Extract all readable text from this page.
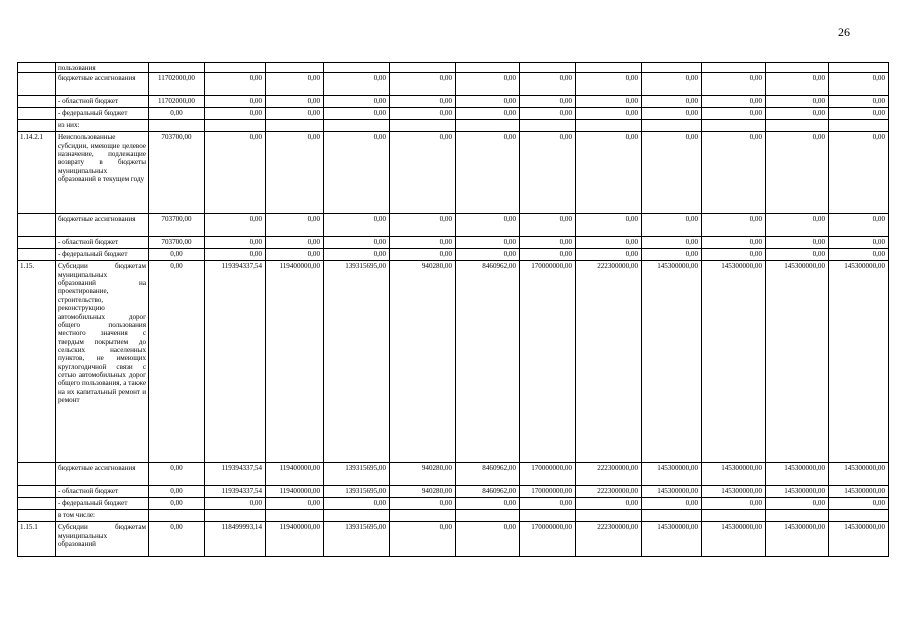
26
	пользования												
	бюджетные ассигнования	11702000,00	0,00	0,00	0,00	0,00	0,00	0,00	0,00	0,00	0,00	0,00	0,00
	- областной бюджет	11702000,00	0,00	0,00	0,00	0,00	0,00	0,00	0,00	0,00	0,00	0,00	0,00
	- федеральный бюджет	0,00	0,00	0,00	0,00	0,00	0,00	0,00	0,00	0,00	0,00	0,00	0,00
	из них:												
1.14.2.1	Неиспользованные субсидии, имеющие целевое назначение, подлежащие возврату в бюджеты муниципальных образований в текущем году	703700,00	0,00	0,00	0,00	0,00	0,00	0,00	0,00	0,00	0,00	0,00	0,00
	бюджетные ассигнования	703700,00	0,00	0,00	0,00	0,00	0,00	0,00	0,00	0,00	0,00	0,00	0,00
	- областной бюджет	703700,00	0,00	0,00	0,00	0,00	0,00	0,00	0,00	0,00	0,00	0,00	0,00
	- федеральный бюджет	0,00	0,00	0,00	0,00	0,00	0,00	0,00	0,00	0,00	0,00	0,00	0,00
1.15.	Субсидии бюджетам муниципальных образований на проектирование, строительство, реконструкцию автомобильных дорог общего пользования местного значения с твердым покрытием до сельских населенных пунктов, не имеющих круглогодичной связи с сетью автомобильных дорог общего пользования, а также на их капитальный ремонт и ремонт	0,00	119394337,54	119400000,00	139315695,00	940280,00	8460962,00	170000000,00	222300000,00	145300000,00	145300000,00	145300000,00	145300000,00
	бюджетные ассигнования	0,00	119394337,54	119400000,00	139315695,00	940280,00	8460962,00	170000000,00	222300000,00	145300000,00	145300000,00	145300000,00	145300000,00
	- областной бюджет	0,00	119394337,54	119400000,00	139315695,00	940280,00	8460962,00	170000000,00	222300000,00	145300000,00	145300000,00	145300000,00	145300000,00
	- федеральный бюджет	0,00	0,00	0,00	0,00	0,00	0,00	0,00	0,00	0,00	0,00	0,00	0,00
	в том числе:												
1.15.1	Субсидии бюджетам муниципальных образований	0,00	118499993,14	119400000,00	139315695,00	0,00	0,00	170000000,00	222300000,00	145300000,00	145300000,00	145300000,00	145300000,00
